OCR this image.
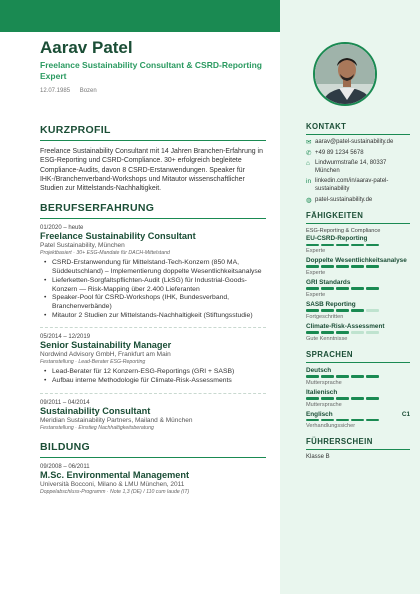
Aarav Patel
Freelance Sustainability Consultant & CSRD-Reporting Expert
12.07.1985 Bozen
KURZPROFIL
Freelance Sustainability Consultant mit 14 Jahren Branchen-Erfahrung in ESG-Reporting und CSRD-Compliance. 30+ erfolgreich begleitete Compliance-Audits, davon 8 CSRD-Erstanwendungen. Speaker für IHK-/Branchenverband-Workshops und Mitautor wissenschaftlicher Studien zur Mittelstands-Nachhaltigkeit.
BERUFSERFAHRUNG
01/2020 – heute
Freelance Sustainability Consultant
Patel Sustainability, München
Projektbasiert · 30+ ESG-Mandate für DACH-Mittelstand
• CSRD-Erstanwendung für Mittelstand-Tech-Konzern (850 MA, Süddeutschland) – Implementierung doppelte Wesentlichkeitsanalyse
• Lieferketten-Sorgfaltspflichten-Audit (LkSG) für Industrial-Goods-Konzern — Risk-Mapping über 2.400 Lieferanten
• Speaker-Pool für CSRD-Workshops (IHK, Bundesverband, Branchenverbände)
• Mitautor 2 Studien zur Mittelstands-Nachhaltigkeit (Stiftungsstudie)
05/2014 – 12/2019
Senior Sustainability Manager
Nordwind Advisory GmbH, Frankfurt am Main
Festanstellung · Lead-Berater ESG-Reporting
• Lead-Berater für 12 Konzern-ESG-Reportings (GRI + SASB)
• Aufbau interne Methodologie für Climate-Risk-Assessments
09/2011 – 04/2014
Sustainability Consultant
Meridian Sustainability Partners, Mailand & München
Festanstellung · Einstieg Nachhaltigkeitsberatung
BILDUNG
09/2008 – 06/2011
M.Sc. Environmental Management
Università Bocconi, Milano & LMU München, 2011
Doppelabschluss-Programm · Note 1,3 (DE) / 110 cum laude (IT)
KONTAKT
✉ aarav@patel-sustainability.de
✆ +49 89 1234 5678
⌂ Lindwurmstraße 14, 80337 München
in linkedin.com/in/aarav-patel-sustainability
◍ patel-sustainability.de
FÄHIGKEITEN
ESG-Reporting & Compliance
EU-CSRD-Reporting
Experte
Doppelte Wesentlichkeitsanalyse
Experte
GRI Standards
Experte
SASB Reporting
Fortgeschritten
Climate-Risk-Assessment
Gute Kenntnisse
SPRACHEN
Deutsch
Muttersprache
Italienisch
Muttersprache
Englisch	C1
Verhandlungssicher
FÜHRERSCHEIN
Klasse B
